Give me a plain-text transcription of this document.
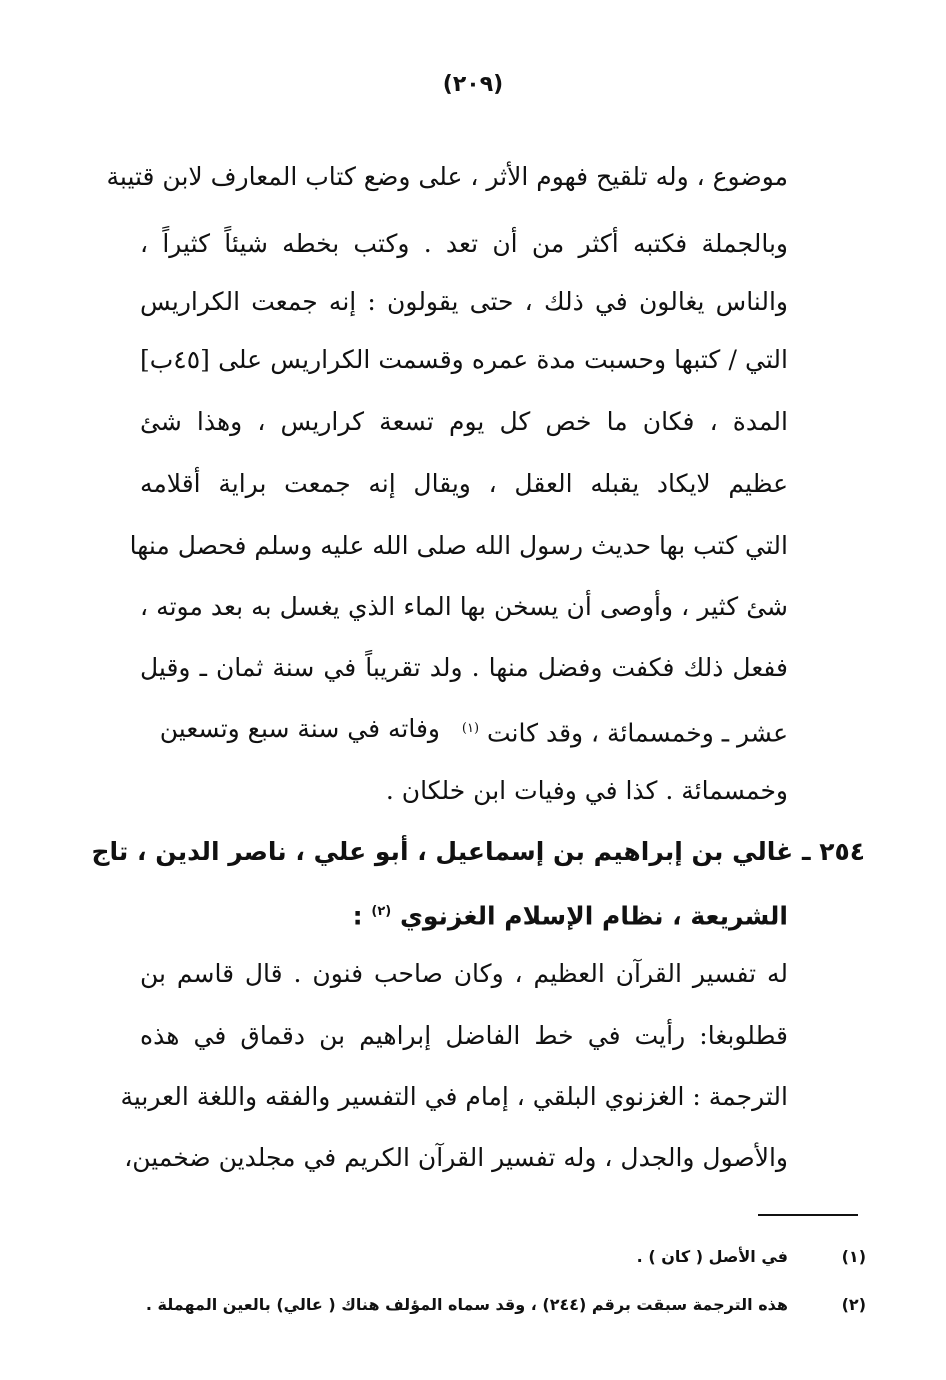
(٢٠٩)
موضوع ، وله تلقيح فهوم الأثر ، على وضع كتاب المعارف لابن قتيبة
وبالجملة فكتبه أكثر من أن تعد . وكتب بخطه شيئاً كثيراً ،
والناس يغالون في ذلك ، حتى يقولون : إنه جمعت الكراريس
التي / كتبها وحسبت مدة عمره وقسمت الكراريس على [٤٥ب]
المدة ، فكان ما خص كل يوم تسعة كراريس ، وهذا شئ
عظيم لايكاد يقبله العقل ، ويقال إنه جمعت براية أقلامه
التي كتب بها حديث رسول الله صلى الله عليه وسلم فحصل منها
شئ كثير ، وأوصى أن يسخن بها الماء الذي يغسل به بعد موته ،
ففعل ذلك فكفت وفضل منها . ولد تقريباً في سنة ثمان ـ وقيل
عشر ـ وخمسمائة ، وقد كانت $^{(١)}$
وفاته في سنة سبع وتسعين
وخمسمائة . كذا في وفيات ابن خلكان .
٢٥٤ ـ غالي بن إبراهيم بن إسماعيل ، أبو علي ، ناصر الدين ، تاج
الشريعة ، نظام الإسلام الغزنوي $^{(٢)}$ :
له تفسير القرآن العظيم ، وكان صاحب فنون . قال قاسم بن
قطلوبغا: رأيت في خط الفاضل إبراهيم بن دقماق في هذه
الترجمة : الغزنوي البلقي ، إمام في التفسير والفقه واللغة العربية
والأصول والجدل ، وله تفسير القرآن الكريم في مجلدين ضخمين،
(١)
في الأصل ( كان ) .
(٢)
هذه الترجمة سبقت برقم (٢٤٤) ، وقد سماه المؤلف هناك ( عالي) بالعين المهملة .
